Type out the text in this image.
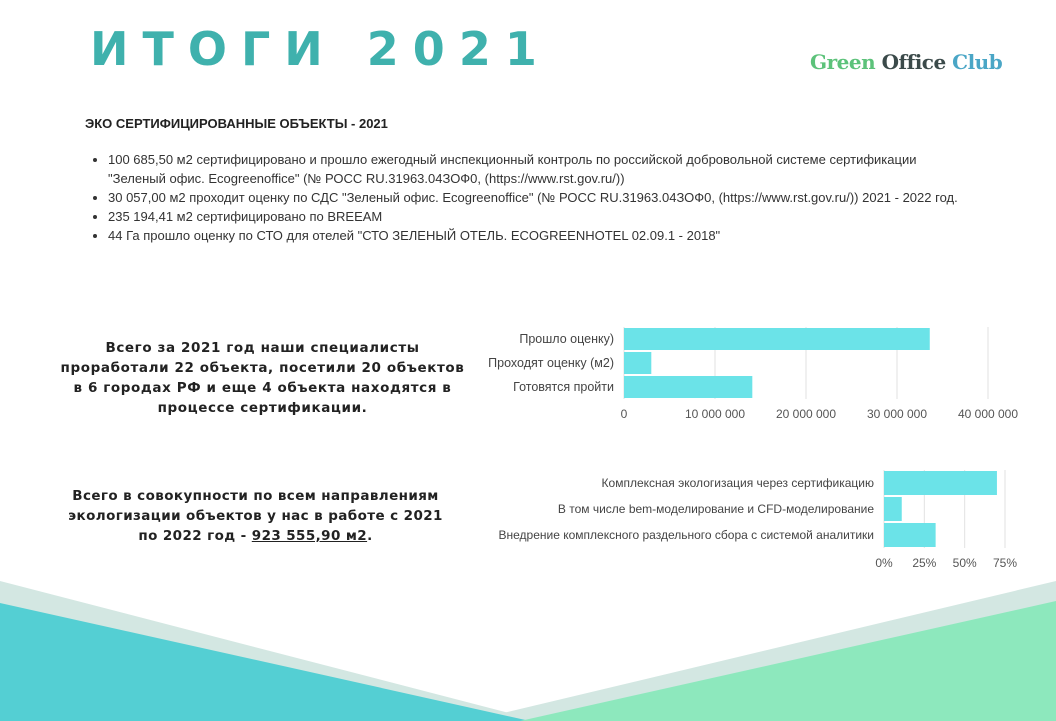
ИТОГИ 2021	Green Office Club
ЭКО СЕРТИФИЦИРОВАННЫЕ ОБЪЕКТЫ - 2021
• 100 685,50 м2 сертифицировано и прошло ежегодный инспекционный контроль по российской добровольной системе сертификации "Зеленый офис. Ecogreenoffice" (№ РОСС RU.31963.04ЗОФ0, (https://www.rst.gov.ru/))
• 30 057,00 м2 проходит оценку по СДС "Зеленый офис. Ecogreenoffice" (№ РОСС RU.31963.04ЗОФ0, (https://www.rst.gov.ru/)) 2021 - 2022 год.
• 235 194,41 м2 сертифицировано по BREEAM
• 44 Га прошло оценку по СТО для отелей "СТО ЗЕЛЕНЫЙ ОТЕЛЬ. ECOGREENHOTEL 02.09.1 - 2018"
Всего за 2021 год наши специалисты проработали 22 объекта, посетили 20 объектов в 6 городах РФ и еще 4 объекта находятся в процессе сертификации.
Всего в совокупности по всем направлениям экологизации объектов у нас в работе с 2021 по 2022 год - 923 555,90 м2.
0	10 000 000	20 000 000	30 000 000	40 000 000
Прошло оценку)
Проходят оценку (м2)
Готовятся пройти
0% 25% 50% 75%
Комплексная экологизация через сертификацию
В том числе bem-моделирование и CFD-моделирование
Внедрение комплексного раздельного сбора с системой аналитики
